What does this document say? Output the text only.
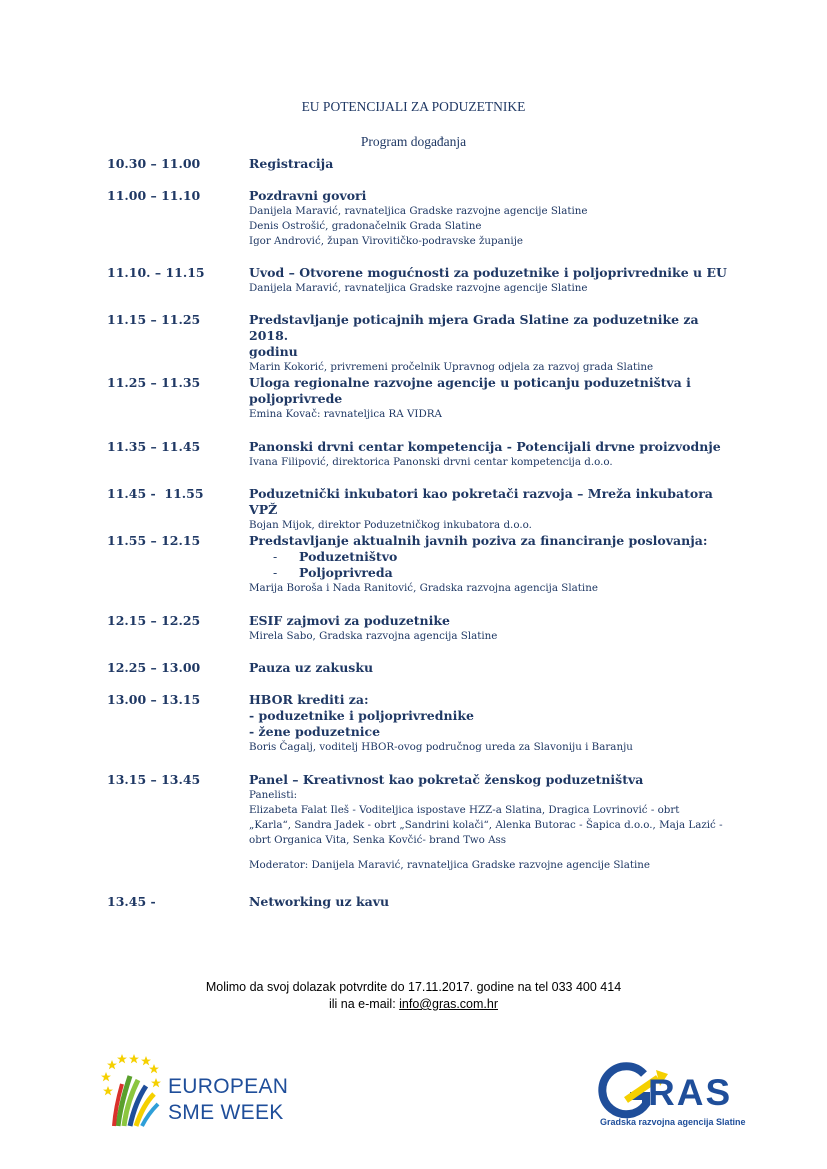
EU POTENCIJALI ZA PODUZETNIKE
Program događanja
10.30 – 11.00	Registracija
11.00 – 11.10	Pozdravni govori
Danijela Maravić, ravnateljica Gradske razvojne agencije Slatine
Denis Ostrošić, gradonačelnik Grada Slatine
Igor Andrović, župan Virovitičko-podravske županije
11.10. – 11.15	Uvod – Otvorene mogućnosti za poduzetnike i poljoprivrednike u EU
Danijela Maravić, ravnateljica Gradske razvojne agencije Slatine
11.15 – 11.25	Predstavljanje poticajnih mjera Grada Slatine za poduzetnike za 2018.
godinu
Marin Kokorić, privremeni pročelnik Upravnog odjela za razvoj grada Slatine
11.25 – 11.35	Uloga regionalne razvojne agencije u poticanju poduzetništva i
poljoprivrede
Emina Kovač: ravnateljica RA VIDRA
11.35 – 11.45	Panonski drvni centar kompetencija - Potencijali drvne proizvodnje
Ivana Filipović, direktorica Panonski drvni centar kompetencija d.o.o.
11.45 -  11.55	Poduzetnički inkubatori kao pokretači razvoja – Mreža inkubatora VPŽ
Bojan Mijok, direktor Poduzetničkog inkubatora d.o.o.
11.55 – 12.15	Predstavljanje aktualnih javnih poziva za financiranje poslovanja:
- Poduzetništvo
- Poljoprivreda
Marija Boroša i Nada Ranitović, Gradska razvojna agencija Slatine
12.15 – 12.25	ESIF zajmovi za poduzetnike
Mirela Sabo, Gradska razvojna agencija Slatine
12.25 – 13.00	Pauza uz zakusku
13.00 – 13.15	HBOR krediti za:
- poduzetnike i poljoprivrednike
- žene poduzetnice
Boris Čagalj, voditelj HBOR-ovog područnog ureda za Slavoniju i Baranju
13.15 – 13.45	Panel – Kreativnost kao pokretač ženskog poduzetništva
Panelisti:
Elizabeta Falat Ileš - Voditeljica ispostave HZZ-a Slatina, Dragica Lovrinović - obrt
„Karla“, Sandra Jadek - obrt „Sandrini kolači“, Alenka Butorac - Šapica d.o.o., Maja Lazić -
obrt Organica Vita, Senka Kovčić- brand Two Ass
Moderator: Danijela Maravić, ravnateljica Gradske razvojne agencije Slatine
13.45 -	Networking uz kavu
Molimo da svoj dolazak potvrdite do 17.11.2017. godine na tel 033 400 414
ili na e-mail: info@gras.com.hr
EUROPEAN
SME WEEK	RAS
Gradska razvojna agencija Slatine
